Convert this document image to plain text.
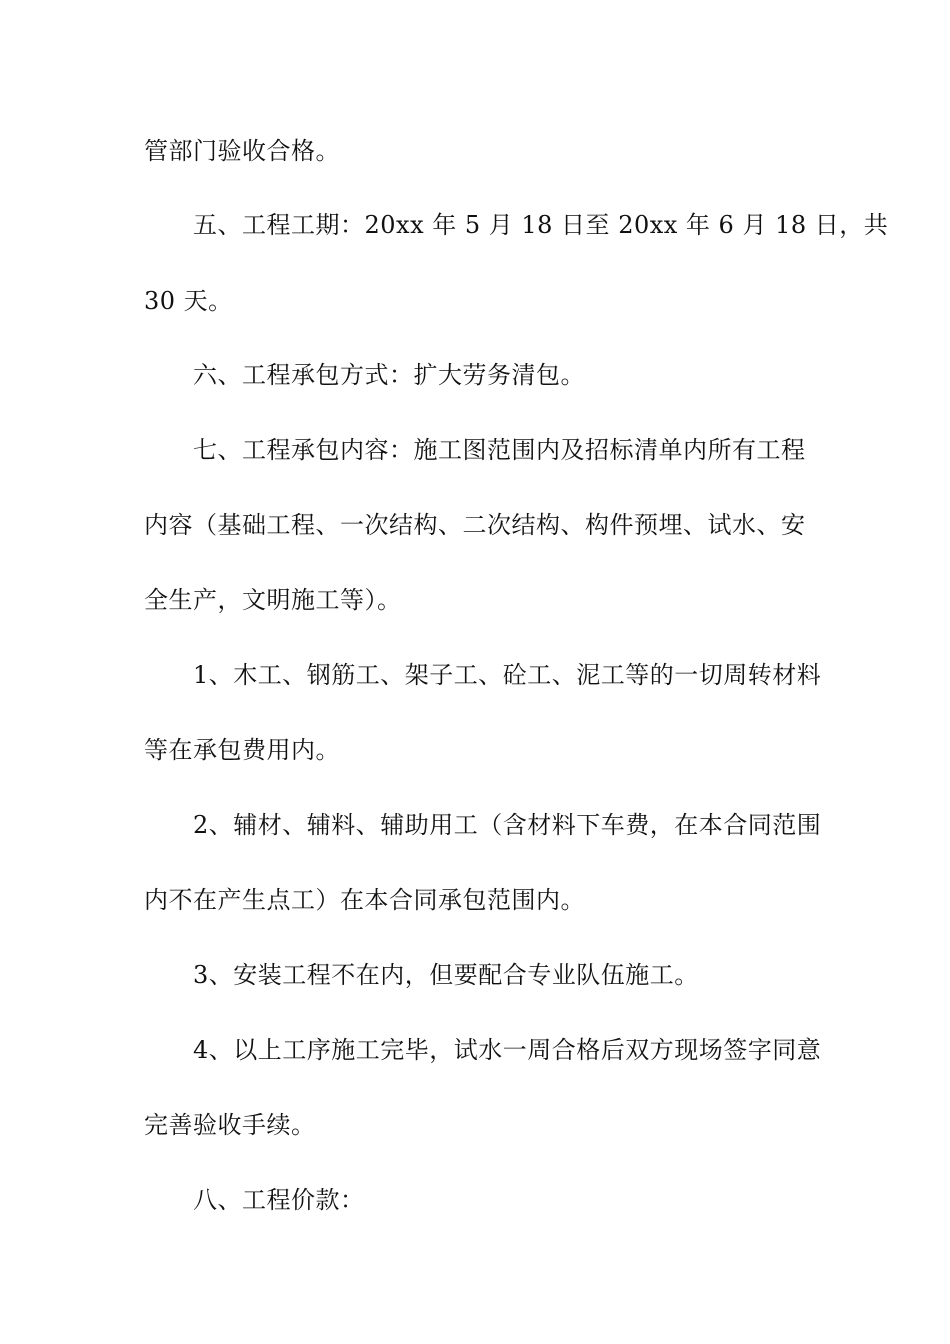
管部门验收合格。
五、工程工期：20xx 年 5 月 18 日至 20xx 年 6 月 18 日，共
30 天。
六、工程承包方式：扩大劳务清包。
七、工程承包内容：施工图范围内及招标清单内所有工程
内容（基础工程、一次结构、二次结构、构件预埋、试水、安
全生产，文明施工等）。
1、木工、钢筋工、架子工、砼工、泥工等的一切周转材料
等在承包费用内。
2、辅材、辅料、辅助用工（含材料下车费，在本合同范围
内不在产生点工）在本合同承包范围内。
3、安装工程不在内，但要配合专业队伍施工。
4、以上工序施工完毕，试水一周合格后双方现场签字同意
完善验收手续。
八、工程价款：
